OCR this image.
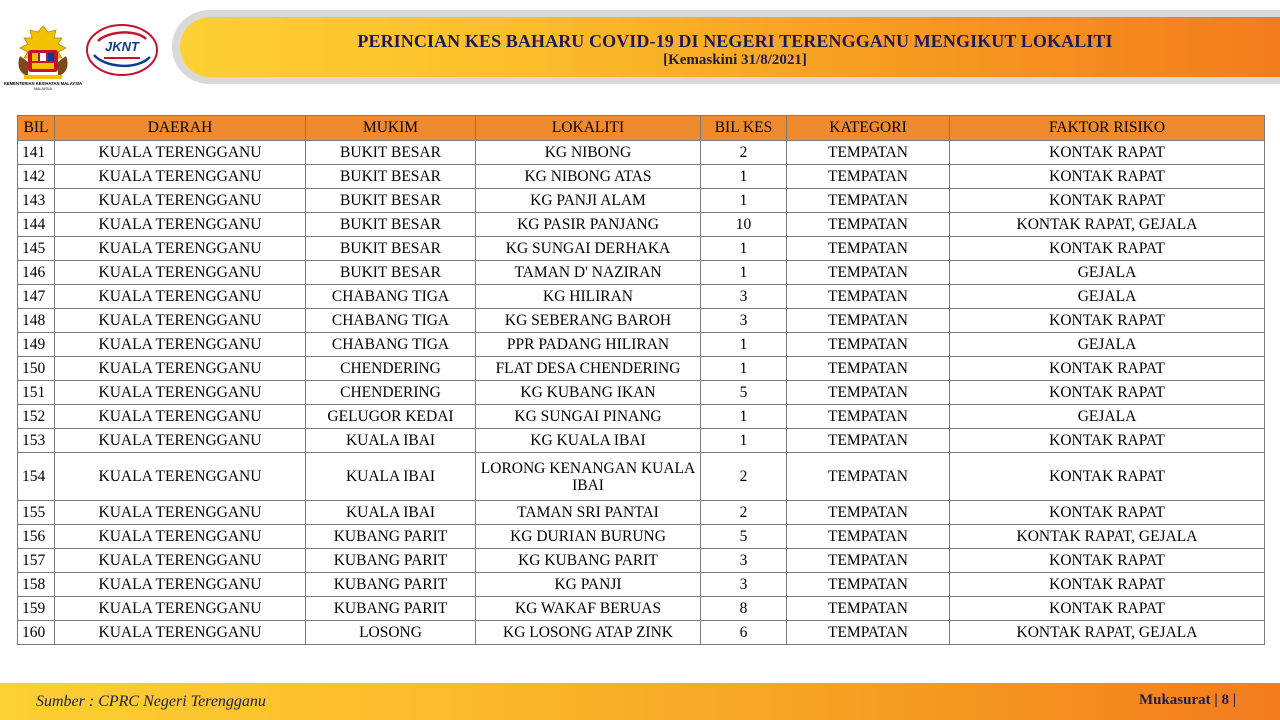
KEMENTERIAN KESIHATAN MALAYSIA
MALAYSIA
JKNT	PERINCIAN KES BAHARU COVID-19 DI NEGERI TERENGGANU MENGIKUT LOKALITI
[Kemaskini 31/8/2021]
BIL	DAERAH	MUKIM	LOKALITI	BIL KES	KATEGORI	FAKTOR RISIKO
141	KUALA TERENGGANU	BUKIT BESAR	KG NIBONG	2	TEMPATAN	KONTAK RAPAT
142	KUALA TERENGGANU	BUKIT BESAR	KG NIBONG ATAS	1	TEMPATAN	KONTAK RAPAT
143	KUALA TERENGGANU	BUKIT BESAR	KG PANJI ALAM	1	TEMPATAN	KONTAK RAPAT
144	KUALA TERENGGANU	BUKIT BESAR	KG PASIR PANJANG	10	TEMPATAN	KONTAK RAPAT, GEJALA
145	KUALA TERENGGANU	BUKIT BESAR	KG SUNGAI DERHAKA	1	TEMPATAN	KONTAK RAPAT
146	KUALA TERENGGANU	BUKIT BESAR	TAMAN D' NAZIRAN	1	TEMPATAN	GEJALA
147	KUALA TERENGGANU	CHABANG TIGA	KG HILIRAN	3	TEMPATAN	GEJALA
148	KUALA TERENGGANU	CHABANG TIGA	KG SEBERANG BAROH	3	TEMPATAN	KONTAK RAPAT
149	KUALA TERENGGANU	CHABANG TIGA	PPR PADANG HILIRAN	1	TEMPATAN	GEJALA
150	KUALA TERENGGANU	CHENDERING	FLAT DESA CHENDERING	1	TEMPATAN	KONTAK RAPAT
151	KUALA TERENGGANU	CHENDERING	KG KUBANG IKAN	5	TEMPATAN	KONTAK RAPAT
152	KUALA TERENGGANU	GELUGOR KEDAI	KG SUNGAI PINANG	1	TEMPATAN	GEJALA
153	KUALA TERENGGANU	KUALA IBAI	KG KUALA IBAI	1	TEMPATAN	KONTAK RAPAT
154	KUALA TERENGGANU	KUALA IBAI	LORONG KENANGAN KUALA IBAI	2	TEMPATAN	KONTAK RAPAT
155	KUALA TERENGGANU	KUALA IBAI	TAMAN SRI PANTAI	2	TEMPATAN	KONTAK RAPAT
156	KUALA TERENGGANU	KUBANG PARIT	KG DURIAN BURUNG	5	TEMPATAN	KONTAK RAPAT, GEJALA
157	KUALA TERENGGANU	KUBANG PARIT	KG KUBANG PARIT	3	TEMPATAN	KONTAK RAPAT
158	KUALA TERENGGANU	KUBANG PARIT	KG PANJI	3	TEMPATAN	KONTAK RAPAT
159	KUALA TERENGGANU	KUBANG PARIT	KG WAKAF BERUAS	8	TEMPATAN	KONTAK RAPAT
160	KUALA TERENGGANU	LOSONG	KG LOSONG ATAP ZINK	6	TEMPATAN	KONTAK RAPAT, GEJALA
Sumber : CPRC Negeri Terengganu	Mukasurat | 8 |
